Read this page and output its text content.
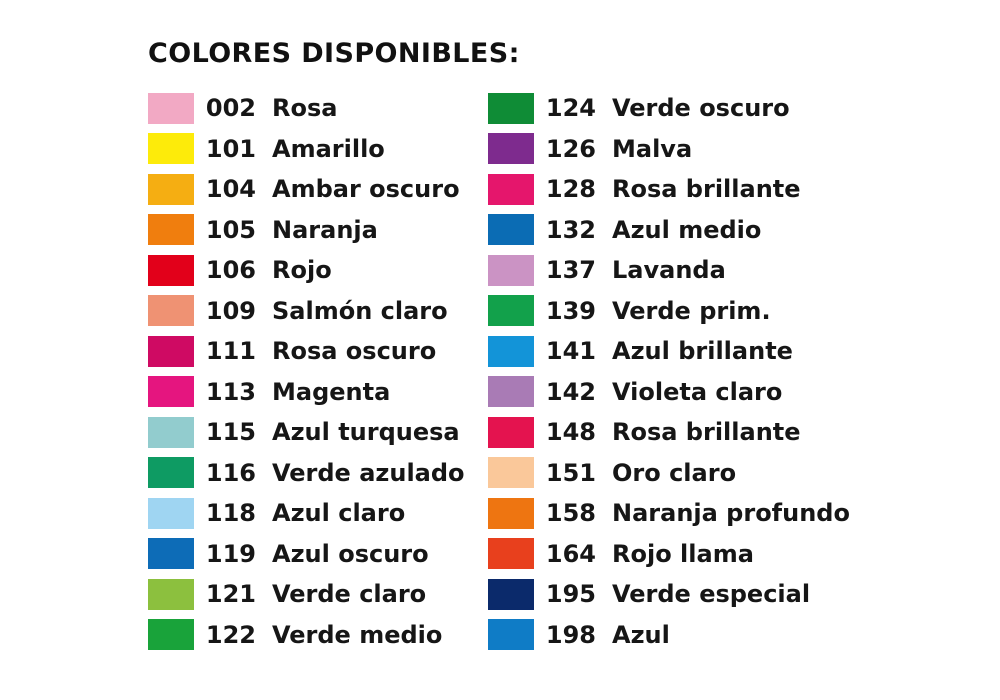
COLORES DISPONIBLES:
002 Rosa
101 Amarillo
104 Ambar oscuro
105 Naranja
106 Rojo
109 Salmón claro
111 Rosa oscuro
113 Magenta
115 Azul turquesa
116 Verde azulado
118 Azul claro
119 Azul oscuro
121 Verde claro
122 Verde medio
124 Verde oscuro
126 Malva
128 Rosa brillante
132 Azul medio
137 Lavanda
139 Verde prim.
141 Azul brillante
142 Violeta claro
148 Rosa brillante
151 Oro claro
158 Naranja profundo
164 Rojo llama
195 Verde especial
198 Azul
